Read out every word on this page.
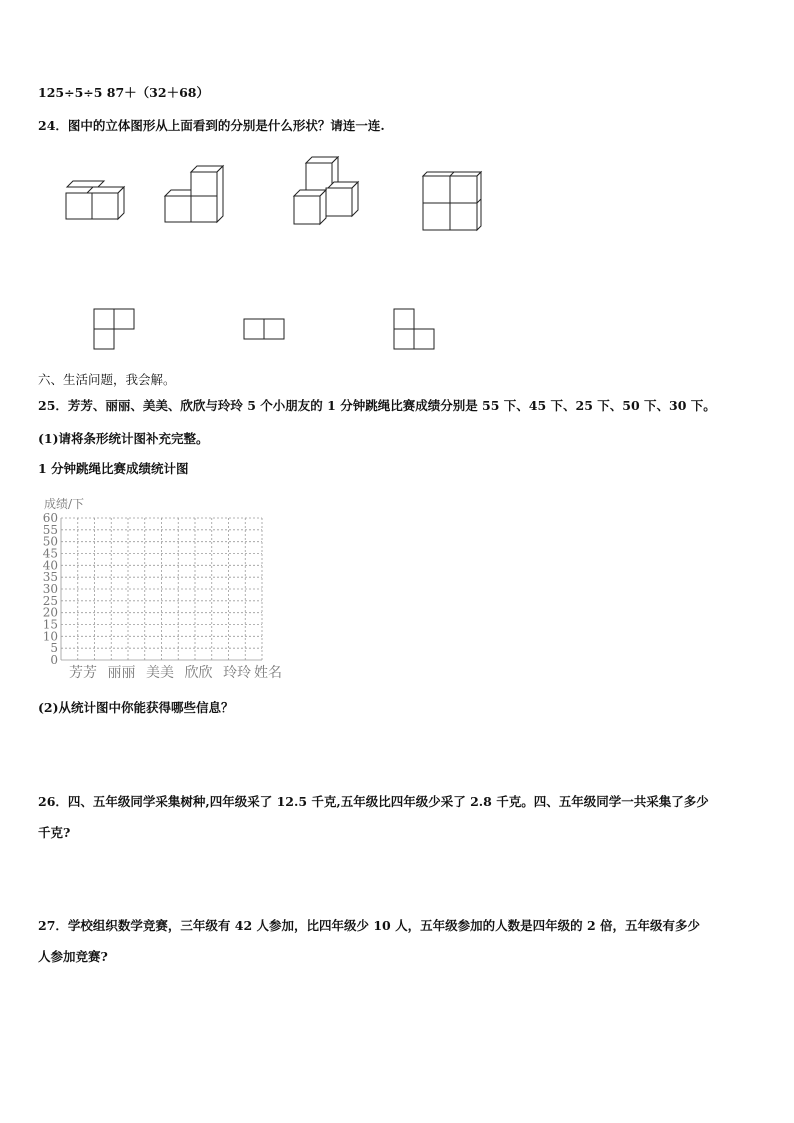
125÷5÷5 87＋（32＋68）
24．图中的立体图形从上面看到的分别是什么形状？请连一连.
六、生活问题，我会解。
25．芳芳、丽丽、美美、欣欣与玲玲 5 个小朋友的 1 分钟跳绳比赛成绩分别是 55 下、45 下、25 下、50 下、30 下。
(1)请将条形统计图补充完整。
1 分钟跳绳比赛成绩统计图
成绩/下
0
5
10
15
20
25
30
35
40
45
50
55
60
芳芳 丽丽 美美 欣欣 玲玲 姓名
(2)从统计图中你能获得哪些信息？
26．四、五年级同学采集树种,四年级采了 12.5 千克,五年级比四年级少采了 2.8 千克。四、五年级同学一共采集了多少
千克?
27．学校组织数学竞赛，三年级有 42 人参加，比四年级少 10 人，五年级参加的人数是四年级的 2 倍，五年级有多少
人参加竞赛?
